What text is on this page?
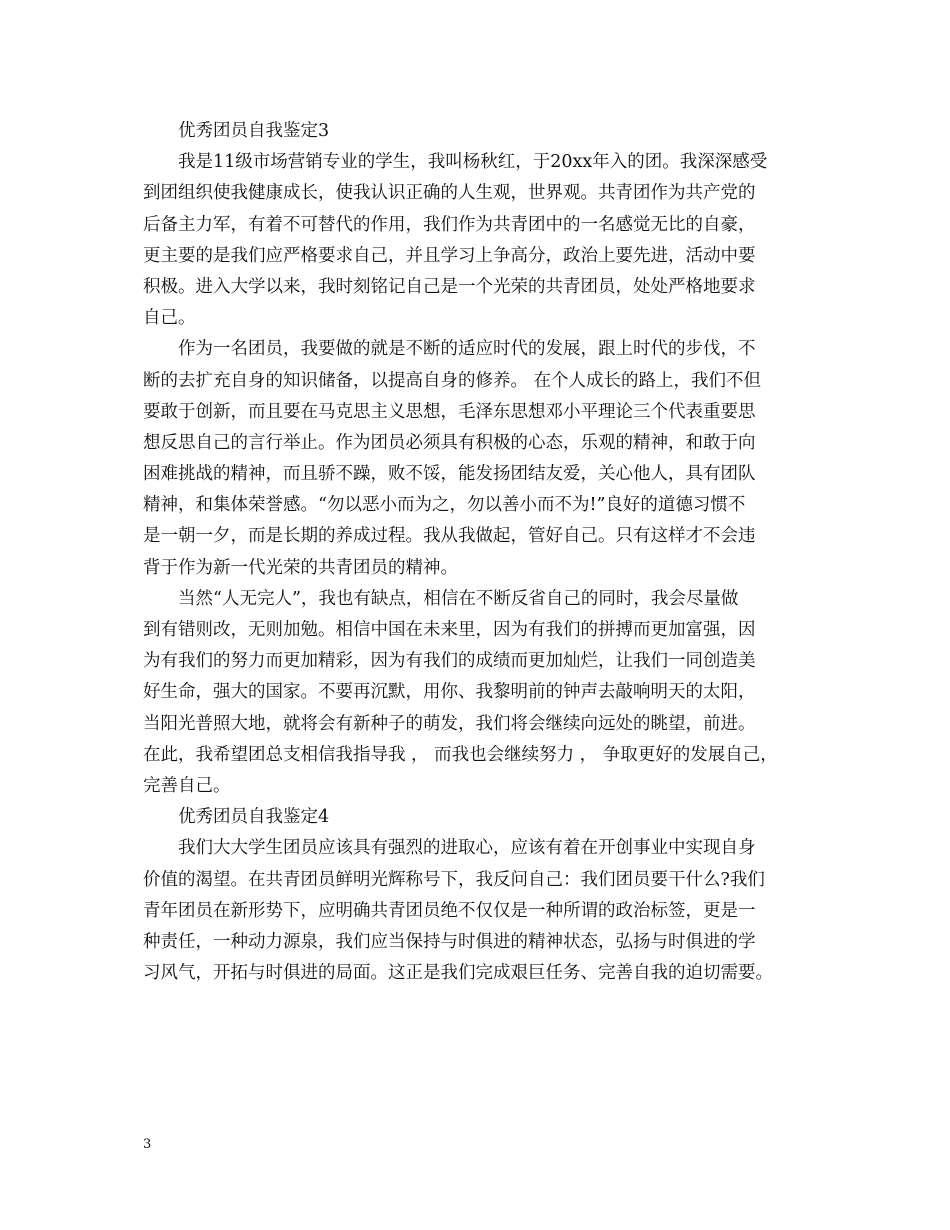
优秀团员自我鉴定3
我是11级市场营销专业的学生，我叫杨秋红，于20xx年入的团。我深深感受
到团组织使我健康成长，使我认识正确的人生观，世界观。共青团作为共产党的
后备主力军，有着不可替代的作用，我们作为共青团中的一名感觉无比的自豪，
更主要的是我们应严格要求自己，并且学习上争高分，政治上要先进，活动中要
积极。进入大学以来，我时刻铭记自己是一个光荣的共青团员，处处严格地要求
自己。
作为一名团员，我要做的就是不断的适应时代的发展，跟上时代的步伐，不
断的去扩充自身的知识储备，以提高自身的修养。 在个人成长的路上，我们不但
要敢于创新，而且要在马克思主义思想，毛泽东思想邓小平理论三个代表重要思
想反思自己的言行举止。作为团员必须具有积极的心态，乐观的精神，和敢于向
困难挑战的精神，而且骄不躁，败不馁，能发扬团结友爱，关心他人，具有团队
精神，和集体荣誉感。“勿以恶小而为之，勿以善小而不为!”良好的道德习惯不
是一朝一夕，而是长期的养成过程。我从我做起，管好自己。只有这样才不会违
背于作为新一代光荣的共青团员的精神。
当然“人无完人”，我也有缺点，相信在不断反省自己的同时，我会尽量做
到有错则改，无则加勉。相信中国在未来里，因为有我们的拼搏而更加富强，因
为有我们的努力而更加精彩，因为有我们的成绩而更加灿烂，让我们一同创造美
好生命，强大的国家。不要再沉默，用你、我黎明前的钟声去敲响明天的太阳，
当阳光普照大地，就将会有新种子的萌发，我们将会继续向远处的眺望，前进。
在此，我希望团总支相信我指导我 ， 而我也会继续努力 ， 争取更好的发展自己，
完善自己。
优秀团员自我鉴定4
我们大大学生团员应该具有强烈的进取心，应该有着在开创事业中实现自身
价值的渴望。在共青团员鲜明光辉称号下，我反问自己：我们团员要干什么?我们
青年团员在新形势下，应明确共青团员绝不仅仅是一种所谓的政治标签，更是一
种责任，一种动力源泉，我们应当保持与时俱进的精神状态，弘扬与时俱进的学
习风气，开拓与时俱进的局面。这正是我们完成艰巨任务、完善自我的迫切需要。
3
